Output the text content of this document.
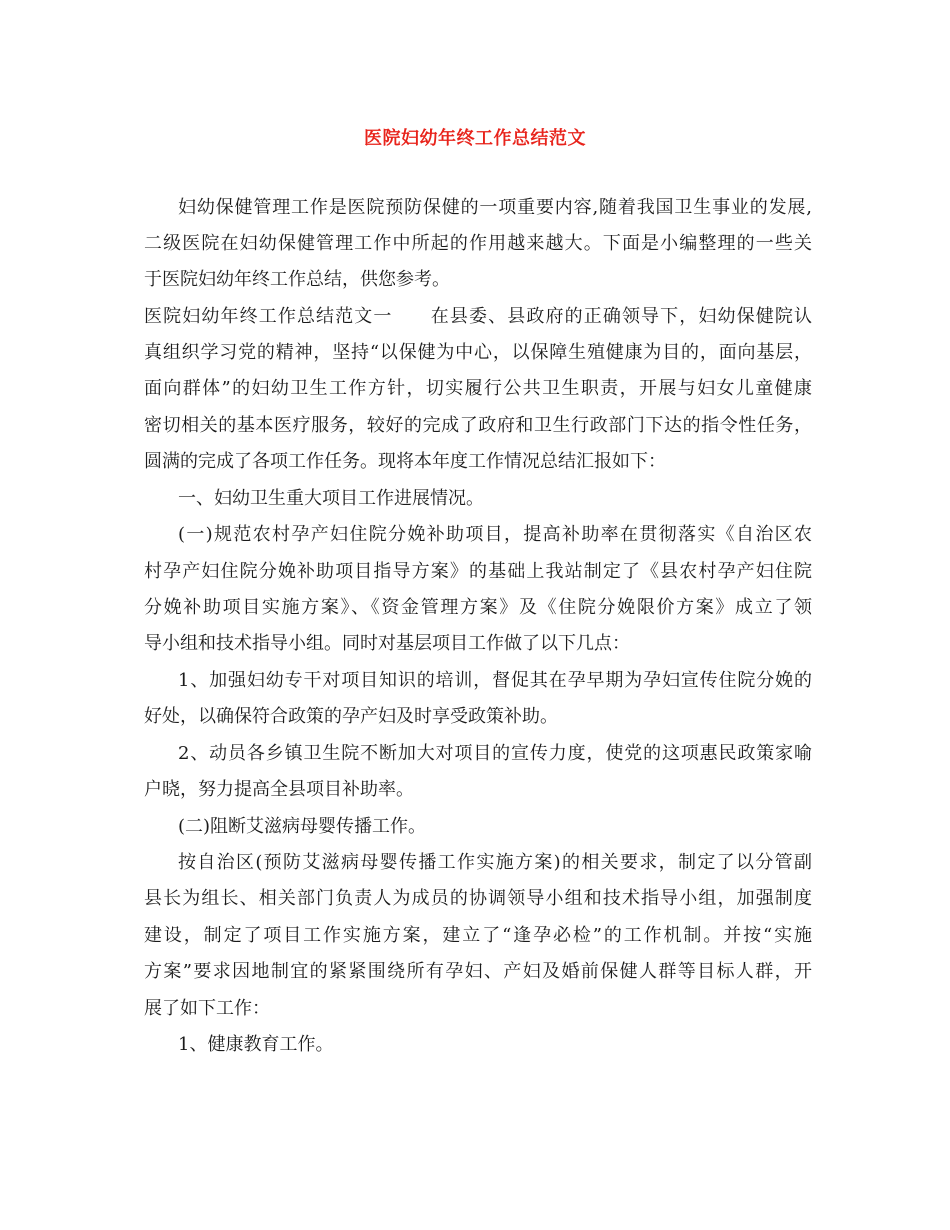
医院妇幼年终工作总结范文
妇幼保健管理工作是医院预防保健的一项重要内容,随着我国卫生事业的发展,
二级医院在妇幼保健管理工作中所起的作用越来越大。下面是小编整理的一些关
于医院妇幼年终工作总结，供您参考。
医院妇幼年终工作总结范文一　　在县委、县政府的正确领导下，妇幼保健院认
真组织学习党的精神，坚持“以保健为中心，以保障生殖健康为目的，面向基层，
面向群体”的妇幼卫生工作方针，切实履行公共卫生职责，开展与妇女儿童健康
密切相关的基本医疗服务，较好的完成了政府和卫生行政部门下达的指令性任务，
圆满的完成了各项工作任务。现将本年度工作情况总结汇报如下：
一、妇幼卫生重大项目工作进展情况。
(一)规范农村孕产妇住院分娩补助项目，提高补助率在贯彻落实《自治区农
村孕产妇住院分娩补助项目指导方案》的基础上我站制定了《县农村孕产妇住院
分娩补助项目实施方案》、《资金管理方案》及《住院分娩限价方案》成立了领
导小组和技术指导小组。同时对基层项目工作做了以下几点：
1、加强妇幼专干对项目知识的培训，督促其在孕早期为孕妇宣传住院分娩的
好处，以确保符合政策的孕产妇及时享受政策补助。
2、动员各乡镇卫生院不断加大对项目的宣传力度，使党的这项惠民政策家喻
户晓，努力提高全县项目补助率。
(二)阻断艾滋病母婴传播工作。
按自治区(预防艾滋病母婴传播工作实施方案)的相关要求，制定了以分管副
县长为组长、相关部门负责人为成员的协调领导小组和技术指导小组，加强制度
建设，制定了项目工作实施方案，建立了“逢孕必检”的工作机制。并按“实施
方案”要求因地制宜的紧紧围绕所有孕妇、产妇及婚前保健人群等目标人群，开
展了如下工作：
1、健康教育工作。
